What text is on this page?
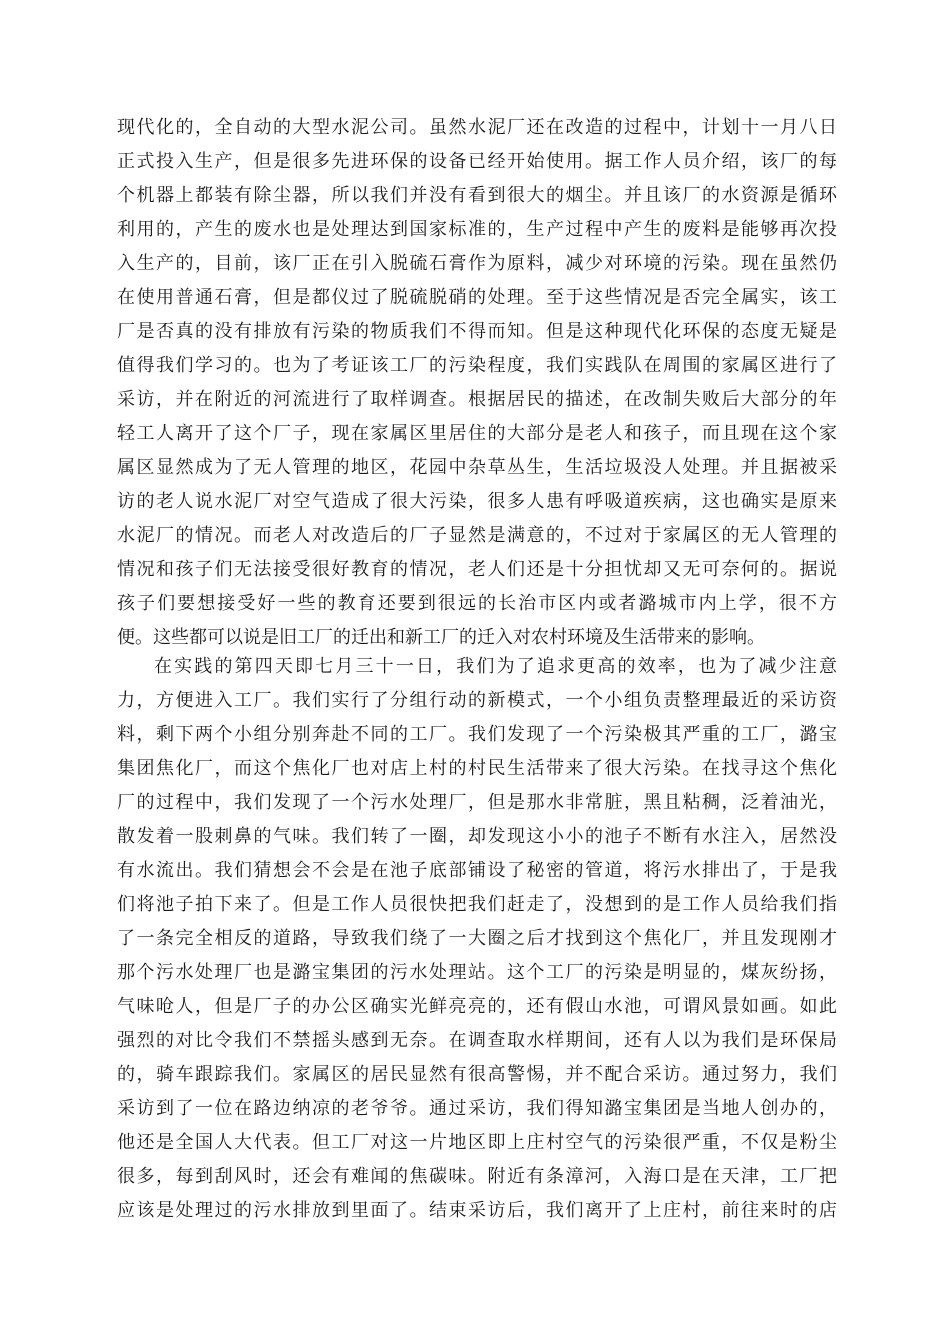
现代化的，全自动的大型水泥公司。虽然水泥厂还在改造的过程中，计划十一月八日
正式投入生产，但是很多先进环保的设备已经开始使用。据工作人员介绍，该厂的每
个机器上都装有除尘器，所以我们并没有看到很大的烟尘。并且该厂的水资源是循环
利用的，产生的废水也是处理达到国家标准的，生产过程中产生的废料是能够再次投
入生产的，目前，该厂正在引入脱硫石膏作为原料，减少对环境的污染。现在虽然仍
在使用普通石膏，但是都仪过了脱硫脱硝的处理。至于这些情况是否完全属实，该工
厂是否真的没有排放有污染的物质我们不得而知。但是这种现代化环保的态度无疑是
值得我们学习的。也为了考证该工厂的污染程度，我们实践队在周围的家属区进行了
采访，并在附近的河流进行了取样调查。根据居民的描述，在改制失败后大部分的年
轻工人离开了这个厂子，现在家属区里居住的大部分是老人和孩子，而且现在这个家
属区显然成为了无人管理的地区，花园中杂草丛生，生活垃圾没人处理。并且据被采
访的老人说水泥厂对空气造成了很大污染，很多人患有呼吸道疾病，这也确实是原来
水泥厂的情况。而老人对改造后的厂子显然是满意的，不过对于家属区的无人管理的
情况和孩子们无法接受很好教育的情况，老人们还是十分担忧却又无可奈何的。据说
孩子们要想接受好一些的教育还要到很远的长治市区内或者潞城市内上学，很不方
便。这些都可以说是旧工厂的迁出和新工厂的迁入对农村环境及生活带来的影响。
在实践的第四天即七月三十一日，我们为了追求更高的效率，也为了减少注意
力，方便进入工厂。我们实行了分组行动的新模式，一个小组负责整理最近的采访资
料，剩下两个小组分别奔赴不同的工厂。我们发现了一个污染极其严重的工厂，潞宝
集团焦化厂，而这个焦化厂也对店上村的村民生活带来了很大污染。在找寻这个焦化
厂的过程中，我们发现了一个污水处理厂，但是那水非常脏，黑且粘稠，泛着油光，
散发着一股刺鼻的气味。我们转了一圈，却发现这小小的池子不断有水注入，居然没
有水流出。我们猜想会不会是在池子底部铺设了秘密的管道，将污水排出了，于是我
们将池子拍下来了。但是工作人员很快把我们赶走了，没想到的是工作人员给我们指
了一条完全相反的道路，导致我们绕了一大圈之后才找到这个焦化厂，并且发现刚才
那个污水处理厂也是潞宝集团的污水处理站。这个工厂的污染是明显的，煤灰纷扬，
气味呛人，但是厂子的办公区确实光鲜亮亮的，还有假山水池，可谓风景如画。如此
强烈的对比令我们不禁摇头感到无奈。在调查取水样期间，还有人以为我们是环保局
的，骑车跟踪我们。家属区的居民显然有很高警惕，并不配合采访。通过努力，我们
采访到了一位在路边纳凉的老爷爷。通过采访，我们得知潞宝集团是当地人创办的，
他还是全国人大代表。但工厂对这一片地区即上庄村空气的污染很严重，不仅是粉尘
很多，每到刮风时，还会有难闻的焦碳味。附近有条漳河，入海口是在天津，工厂把
应该是处理过的污水排放到里面了。结束采访后，我们离开了上庄村，前往来时的店
